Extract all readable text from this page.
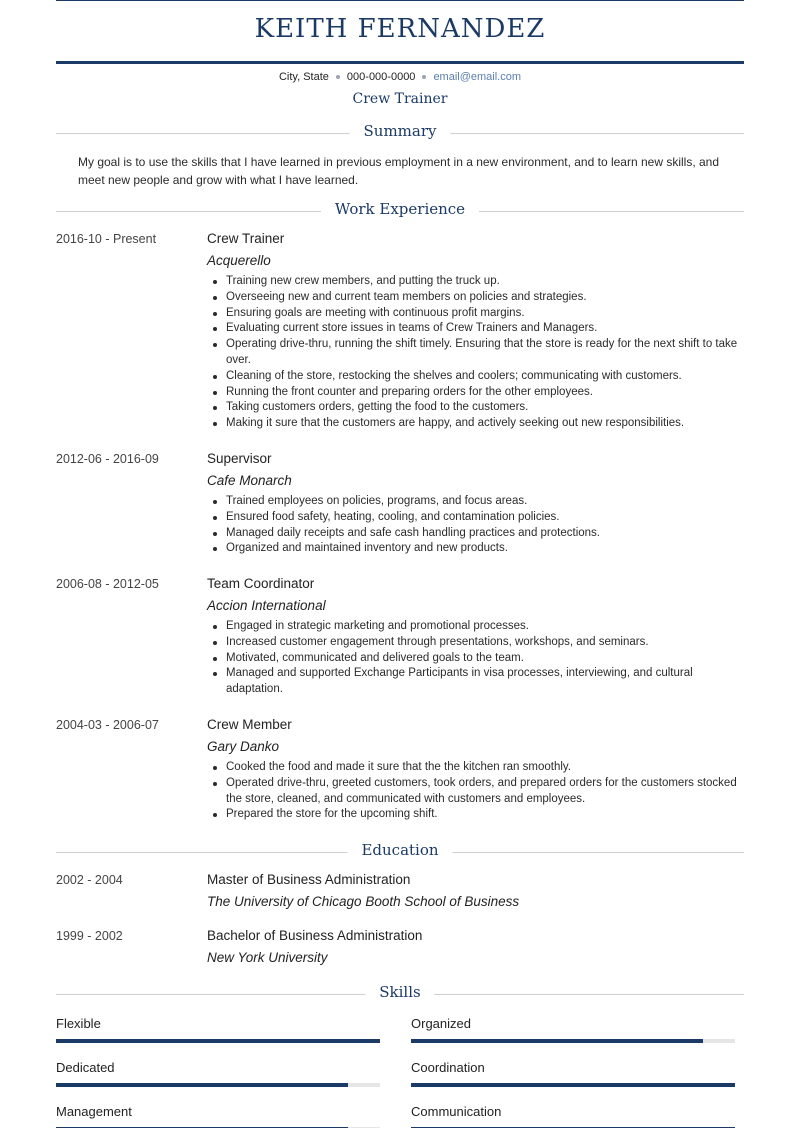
KEITH FERNANDEZ
City, State 000-000-0000 email@email.com
Crew Trainer
Summary

My goal is to use the skills that I have learned in previous employment in a new environment, and to learn new skills, and meet new people and grow with what I have learned.

Work Experience
2016-10 - Present	Crew Trainer
Acquerello
Training new crew members, and putting the truck up.
Overseeing new and current team members on policies and strategies.
Ensuring goals are meeting with continuous profit margins.
Evaluating current store issues in teams of Crew Trainers and Managers.
Operating drive-thru, running the shift timely. Ensuring that the store is ready for the next shift to take over.
Cleaning of the store, restocking the shelves and coolers; communicating with customers.
Running the front counter and preparing orders for the other employees.
Taking customers orders, getting the food to the customers.
Making it sure that the customers are happy, and actively seeking out new responsibilities.
2012-06 - 2016-09	Supervisor
Cafe Monarch
Trained employees on policies, programs, and focus areas.
Ensured food safety, heating, cooling, and contamination policies.
Managed daily receipts and safe cash handling practices and protections.
Organized and maintained inventory and new products.
2006-08 - 2012-05	Team Coordinator
Accion International
Engaged in strategic marketing and promotional processes.
Increased customer engagement through presentations, workshops, and seminars.
Motivated, communicated and delivered goals to the team.
Managed and supported Exchange Participants in visa processes, interviewing, and cultural adaptation.
2004-03 - 2006-07	Crew Member
Gary Danko
Cooked the food and made it sure that the the kitchen ran smoothly.
Operated drive-thru, greeted customers, took orders, and prepared orders for the customers stocked the store, cleaned, and communicated with customers and employees.
Prepared the store for the upcoming shift.
Education
2002 - 2004	Master of Business Administration
The University of Chicago Booth School of Business
1999 - 2002	Bachelor of Business Administration
New York University
Skills
Flexible	Organized
Dedicated	Coordination
Management	Communication
